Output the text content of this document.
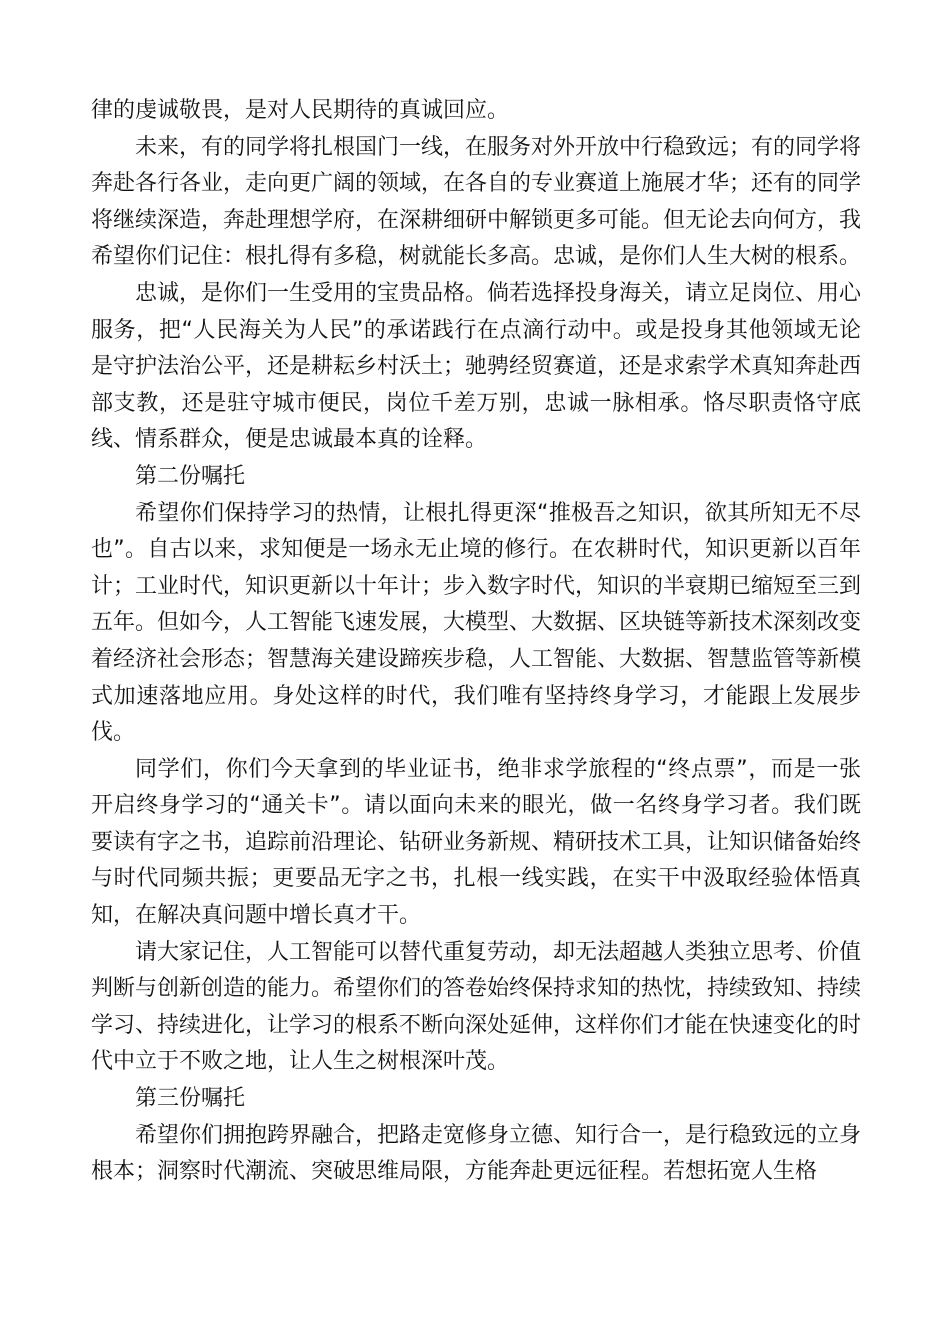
律的虔诚敬畏，是对人民期待的真诚回应。

未来，有的同学将扎根国门一线，在服务对外开放中行稳致远；有的同学将奔赴各行各业，走向更广阔的领域，在各自的专业赛道上施展才华；还有的同学将继续深造，奔赴理想学府，在深耕细研中解锁更多可能。但无论去向何方，我希望你们记住：根扎得有多稳，树就能长多高。忠诚，是你们人生大树的根系。

忠诚，是你们一生受用的宝贵品格。倘若选择投身海关，请立足岗位、用心服务，把“人民海关为人民”的承诺践行在点滴行动中。或是投身其他领域无论是守护法治公平，还是耕耘乡村沃土；驰骋经贸赛道，还是求索学术真知奔赴西部支教，还是驻守城市便民，岗位千差万别，忠诚一脉相承。恪尽职责恪守底线、情系群众，便是忠诚最本真的诠释。

第二份嘱托

希望你们保持学习的热情，让根扎得更深“推极吾之知识，欲其所知无不尽也”。自古以来，求知便是一场永无止境的修行。在农耕时代，知识更新以百年计；工业时代，知识更新以十年计；步入数字时代，知识的半衰期已缩短至三到五年。但如今，人工智能飞速发展，大模型、大数据、区块链等新技术深刻改变着经济社会形态；智慧海关建设蹄疾步稳，人工智能、大数据、智慧监管等新模式加速落地应用。身处这样的时代，我们唯有坚持终身学习，才能跟上发展步伐。

同学们，你们今天拿到的毕业证书，绝非求学旅程的“终点票”，而是一张开启终身学习的“通关卡”。请以面向未来的眼光，做一名终身学习者。我们既要读有字之书，追踪前沿理论、钻研业务新规、精研技术工具，让知识储备始终与时代同频共振；更要品无字之书，扎根一线实践，在实干中汲取经验体悟真知，在解决真问题中增长真才干。

请大家记住，人工智能可以替代重复劳动，却无法超越人类独立思考、价值判断与创新创造的能力。希望你们的答卷始终保持求知的热忱，持续致知、持续学习、持续进化，让学习的根系不断向深处延伸，这样你们才能在快速变化的时代中立于不败之地，让人生之树根深叶茂。

第三份嘱托

希望你们拥抱跨界融合，把路走宽修身立德、知行合一，是行稳致远的立身根本；洞察时代潮流、突破思维局限，方能奔赴更远征程。若想拓宽人生格
